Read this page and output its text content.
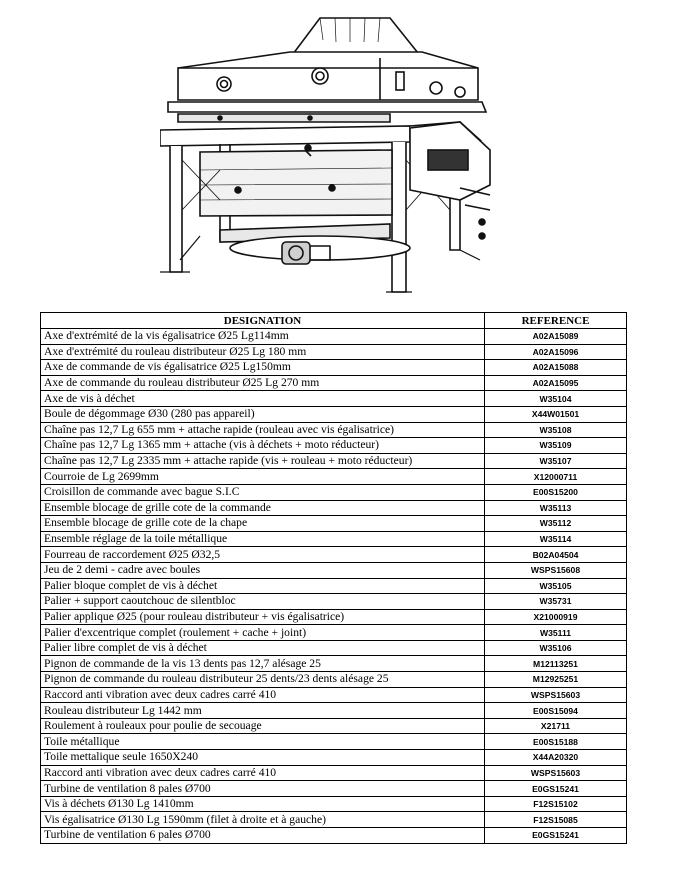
DESIGNATION	REFERENCE
Axe d'extrémité de la vis égalisatrice Ø25 Lg114mm	A02A15089
Axe d'extrémité du rouleau distributeur Ø25 Lg 180 mm	A02A15096
Axe de commande de vis égalisatrice Ø25 Lg150mm	A02A15088
Axe de commande du rouleau distributeur Ø25 Lg 270 mm	A02A15095
Axe de vis à déchet	W35104
Boule de dégommage Ø30 (280 pas appareil)	X44W01501
Chaîne pas 12,7 Lg 655 mm + attache rapide (rouleau avec vis égalisatrice)	W35108
Chaîne pas 12,7 Lg 1365 mm + attache (vis à déchets + moto réducteur)	W35109
Chaîne pas 12,7 Lg 2335 mm + attache rapide (vis + rouleau + moto réducteur)	W35107
Courroie de Lg 2699mm	X12000711
Croisillon de commande avec bague S.I.C	E00S15200
Ensemble blocage de grille cote de la commande	W35113
Ensemble blocage de grille cote de la chape	W35112
Ensemble réglage de la toile métallique	W35114
Fourreau de raccordement Ø25 Ø32,5	B02A04504
Jeu de 2 demi - cadre avec boules	WSPS15608
Palier bloque complet de vis à déchet	W35105
Palier + support caoutchouc de silentbloc	W35731
Palier applique Ø25 (pour rouleau distributeur + vis égalisatrice)	X21000919
Palier d'excentrique complet (roulement + cache + joint)	W35111
Palier libre complet de vis à déchet	W35106
Pignon de commande de la vis 13 dents pas 12,7 alésage 25	M12113251
Pignon de commande du rouleau distributeur 25 dents/23 dents alésage 25	M12925251
Raccord anti vibration avec deux cadres carré 410	WSPS15603
Rouleau distributeur Lg 1442 mm	E00S15094
Roulement à rouleaux pour poulie de secouage	X21711
Toile métallique	E00S15188
Toile mettalique seule 1650X240	X44A20320
Raccord anti vibration avec deux cadres carré 410	WSPS15603
Turbine de ventilation 8 pales Ø700	E0GS15241
Vis à déchets Ø130 Lg 1410mm	F12S15102
Vis égalisatrice Ø130 Lg 1590mm (filet à droite et à gauche)	F12S15085
Turbine de ventilation 6 pales Ø700	E0GS15241
